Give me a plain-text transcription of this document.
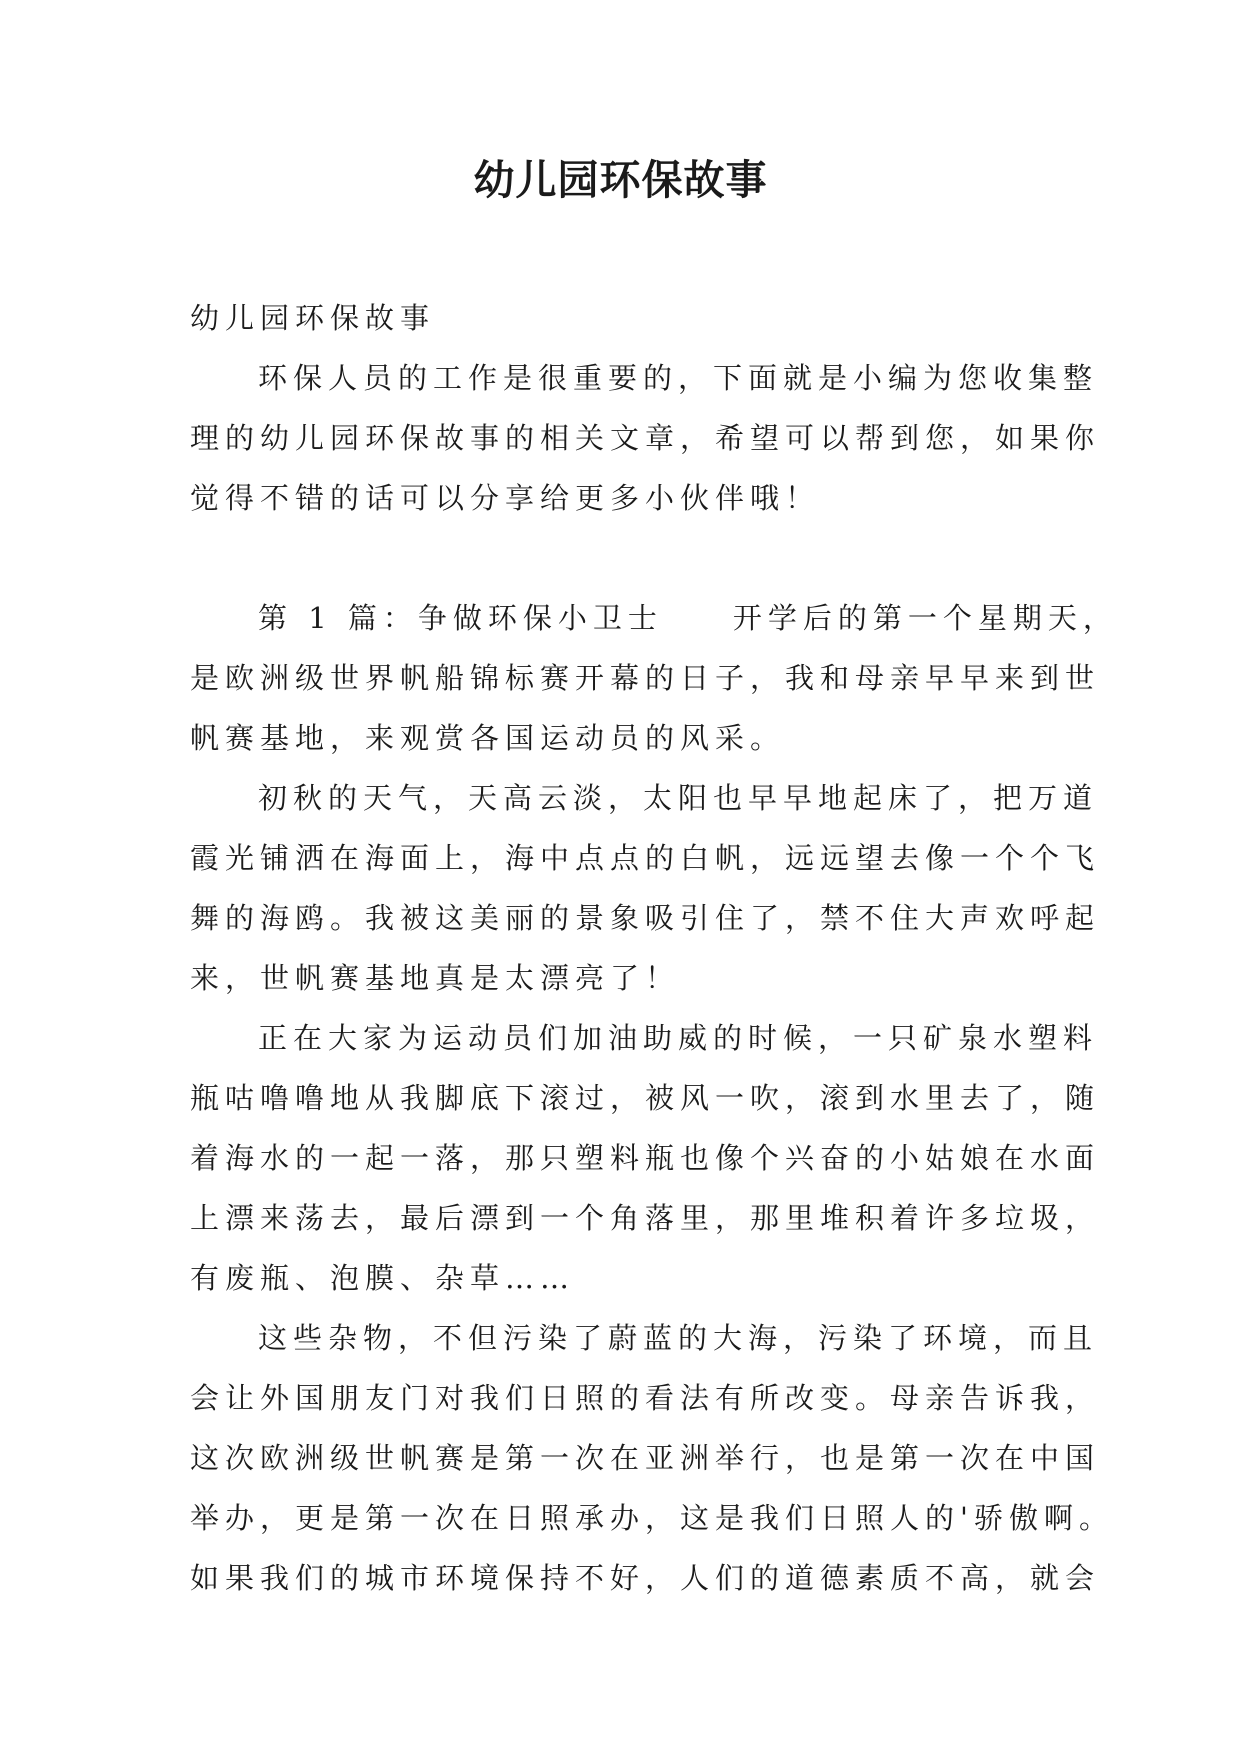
幼儿园环保故事
幼儿园环保故事
环保人员的工作是很重要的，下面就是小编为您收集整
理的幼儿园环保故事的相关文章，希望可以帮到您，如果你
觉得不错的话可以分享给更多小伙伴哦！
第 1 篇：争做环保小卫士　　开学后的第一个星期天，
是欧洲级世界帆船锦标赛开幕的日子，我和母亲早早来到世
帆赛基地，来观赏各国运动员的风采。
初秋的天气，天高云淡，太阳也早早地起床了，把万道
霞光铺洒在海面上，海中点点的白帆，远远望去像一个个飞
舞的海鸥。我被这美丽的景象吸引住了，禁不住大声欢呼起
来，世帆赛基地真是太漂亮了！
正在大家为运动员们加油助威的时候，一只矿泉水塑料
瓶咕噜噜地从我脚底下滚过，被风一吹，滚到水里去了，随
着海水的一起一落，那只塑料瓶也像个兴奋的小姑娘在水面
上漂来荡去，最后漂到一个角落里，那里堆积着许多垃圾，
有废瓶、泡膜、杂草……
这些杂物，不但污染了蔚蓝的大海，污染了环境，而且
会让外国朋友门对我们日照的看法有所改变。母亲告诉我，
这次欧洲级世帆赛是第一次在亚洲举行，也是第一次在中国
举办，更是第一次在日照承办，这是我们日照人的'骄傲啊。
如果我们的城市环境保持不好，人们的道德素质不高，就会
